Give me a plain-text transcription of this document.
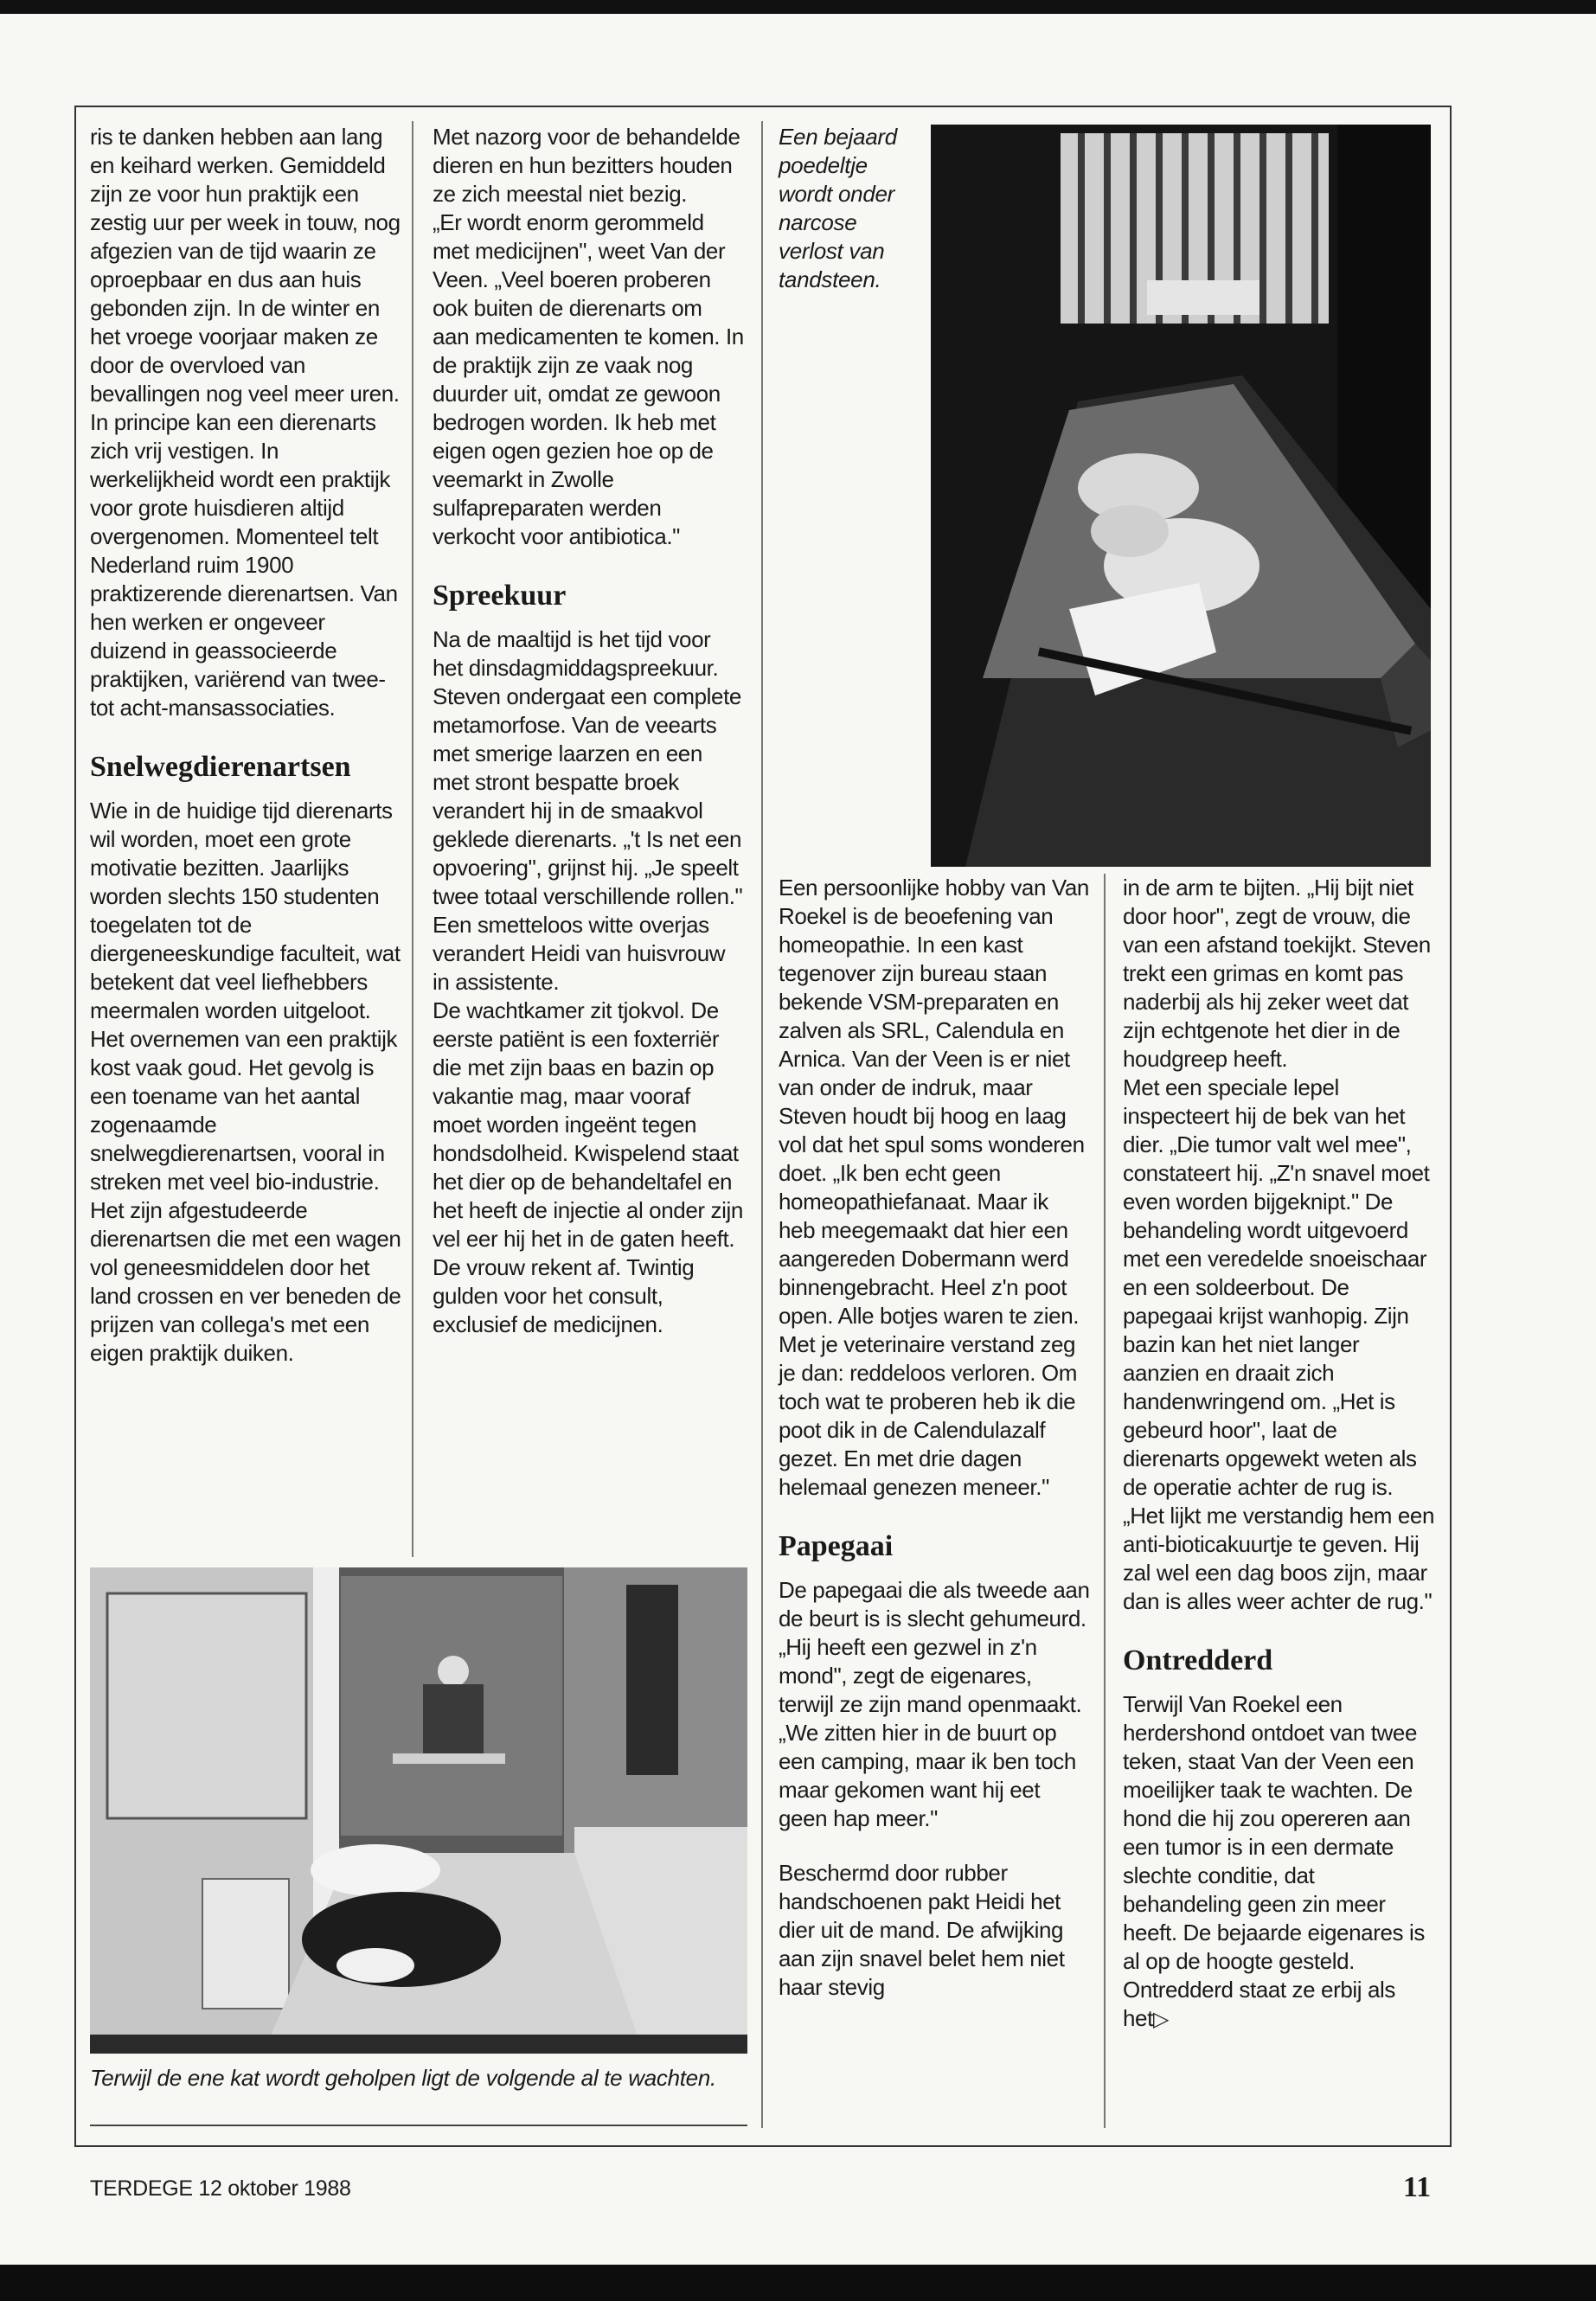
ris te danken hebben aan lang en keihard werken. Gemiddeld zijn ze voor hun praktijk een zestig uur per week in touw, nog afgezien van de tijd waarin ze oproepbaar en dus aan huis gebonden zijn. In de winter en het vroege voorjaar maken ze door de overvloed van bevallingen nog veel meer uren.

In principe kan een dierenarts zich vrij vestigen. In werkelijkheid wordt een praktijk voor grote huisdieren altijd overgenomen. Momenteel telt Nederland ruim 1900 praktizerende dierenartsen. Van hen werken er ongeveer duizend in geassocieerde praktijken, variërend van twee- tot acht-mansassociaties.

Snelwegdierenartsen

Wie in de huidige tijd dierenarts wil worden, moet een grote motivatie bezitten. Jaarlijks worden slechts 150 studenten toegelaten tot de diergeneeskundige faculteit, wat betekent dat veel liefhebbers meermalen worden uitgeloot.

Het overnemen van een praktijk kost vaak goud. Het gevolg is een toename van het aantal zogenaamde snelwegdierenartsen, vooral in streken met veel bio-industrie. Het zijn afgestudeerde dierenartsen die met een wagen vol geneesmiddelen door het land crossen en ver beneden de prijzen van collega's met een eigen praktijk duiken.

Met nazorg voor de behandelde dieren en hun bezitters houden ze zich meestal niet bezig.

„Er wordt enorm gerommeld met medicijnen", weet Van der Veen. „Veel boeren proberen ook buiten de dierenarts om aan medicamenten te komen. In de praktijk zijn ze vaak nog duurder uit, omdat ze gewoon bedrogen worden. Ik heb met eigen ogen gezien hoe op de veemarkt in Zwolle sulfapreparaten werden verkocht voor antibiotica."

Spreekuur

Na de maaltijd is het tijd voor het dinsdagmiddagspreekuur. Steven ondergaat een complete metamorfose. Van de veearts met smerige laarzen en een met stront bespatte broek verandert hij in de smaakvol geklede dierenarts. „'t Is net een opvoering", grijnst hij. „Je speelt twee totaal verschillende rollen." Een smetteloos witte overjas verandert Heidi van huisvrouw in assistente.

De wachtkamer zit tjokvol. De eerste patiënt is een foxterriër die met zijn baas en bazin op vakantie mag, maar vooraf moet worden ingeënt tegen hondsdolheid. Kwispelend staat het dier op de behandeltafel en het heeft de injectie al onder zijn vel eer hij het in de gaten heeft. De vrouw rekent af. Twintig gulden voor het consult, exclusief de medicijnen.

Een bejaard poedeltje wordt onder narcose verlost van tandsteen.

Een persoonlijke hobby van Van Roekel is de beoefening van homeopathie. In een kast tegenover zijn bureau staan bekende VSM-preparaten en zalven als SRL, Calendula en Arnica. Van der Veen is er niet van onder de indruk, maar Steven houdt bij hoog en laag vol dat het spul soms wonderen doet. „Ik ben echt geen homeopathiefanaat. Maar ik heb meegemaakt dat hier een aangereden Dobermann werd binnengebracht. Heel z'n poot open. Alle botjes waren te zien. Met je veterinaire verstand zeg je dan: reddeloos verloren. Om toch wat te proberen heb ik die poot dik in de Calendulazalf gezet. En met drie dagen helemaal genezen meneer."

Papegaai

De papegaai die als tweede aan de beurt is is slecht gehumeurd. „Hij heeft een gezwel in z'n mond", zegt de eigenares, terwijl ze zijn mand openmaakt. „We zitten hier in de buurt op een camping, maar ik ben toch maar gekomen want hij eet geen hap meer."

Beschermd door rubber handschoenen pakt Heidi het dier uit de mand. De afwijking aan zijn snavel belet hem niet haar stevig

in de arm te bijten. „Hij bijt niet door hoor", zegt de vrouw, die van een afstand toekijkt. Steven trekt een grimas en komt pas naderbij als hij zeker weet dat zijn echtgenote het dier in de houdgreep heeft.

Met een speciale lepel inspecteert hij de bek van het dier. „Die tumor valt wel mee", constateert hij. „Z'n snavel moet even worden bijgeknipt." De behandeling wordt uitgevoerd met een veredelde snoeischaar en een soldeerbout. De papegaai krijst wanhopig. Zijn bazin kan het niet langer aanzien en draait zich handenwringend om. „Het is gebeurd hoor", laat de dierenarts opgewekt weten als de operatie achter de rug is. „Het lijkt me verstandig hem een anti-bioticakuurtje te geven. Hij zal wel een dag boos zijn, maar dan is alles weer achter de rug."

Ontredderd

Terwijl Van Roekel een herdershond ontdoet van twee teken, staat Van der Veen een moeilijker taak te wachten. De hond die hij zou opereren aan een tumor is in een dermate slechte conditie, dat behandeling geen zin meer heeft. De bejaarde eigenares is al op de hoogte gesteld. Ontredderd staat ze erbij als het▷

Terwijl de ene kat wordt geholpen ligt de volgende al te wachten.
TERDEGE 12 oktober 1988	11
